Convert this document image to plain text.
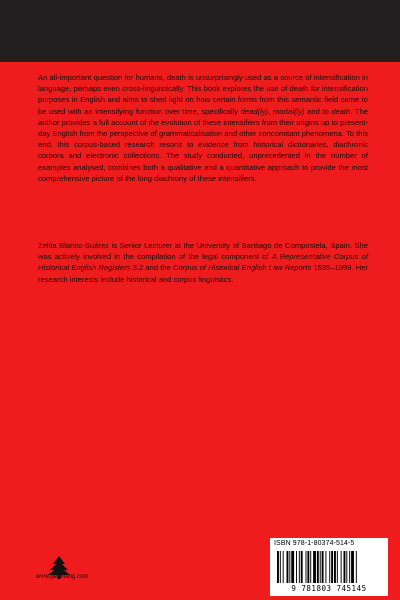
An all-important question for humans, death is unsurprisingly used as a source of intensification in language, perhaps even cross-linguistically. This book explores the use of death for intensification purposes in English and aims to shed light on how certain forms from this semantic field came to be used with an intensifying function over time, specifically dead(ly), mortal(ly) and to death. The author provides a full account of the evolution of these intensifiers from their origins up to present-day English from the perspective of grammaticalisation and other concomitant phenomena. To this end, this corpus-based research resorts to evidence from historical dictionaries, diachronic corpora and electronic collections. The study conducted, unprecedented in the number of examples analysed, combines both a qualitative and a quantitative approach to provide the most comprehensive picture of the long diachrony of these intensifiers.

Zeltia Blanco-Suárez is Senior Lecturer at the University of Santiago de Compostela, Spain. She was actively involved in the compilation of the legal component of A Representative Corpus of Historical English Registers 3.2 and the Corpus of Historical English Law Reports 1535–1999. Her research interests include historical and corpus linguistics.

www.peterlang.com
ISBN 978-1-80374-514-5
9 781803 745145
